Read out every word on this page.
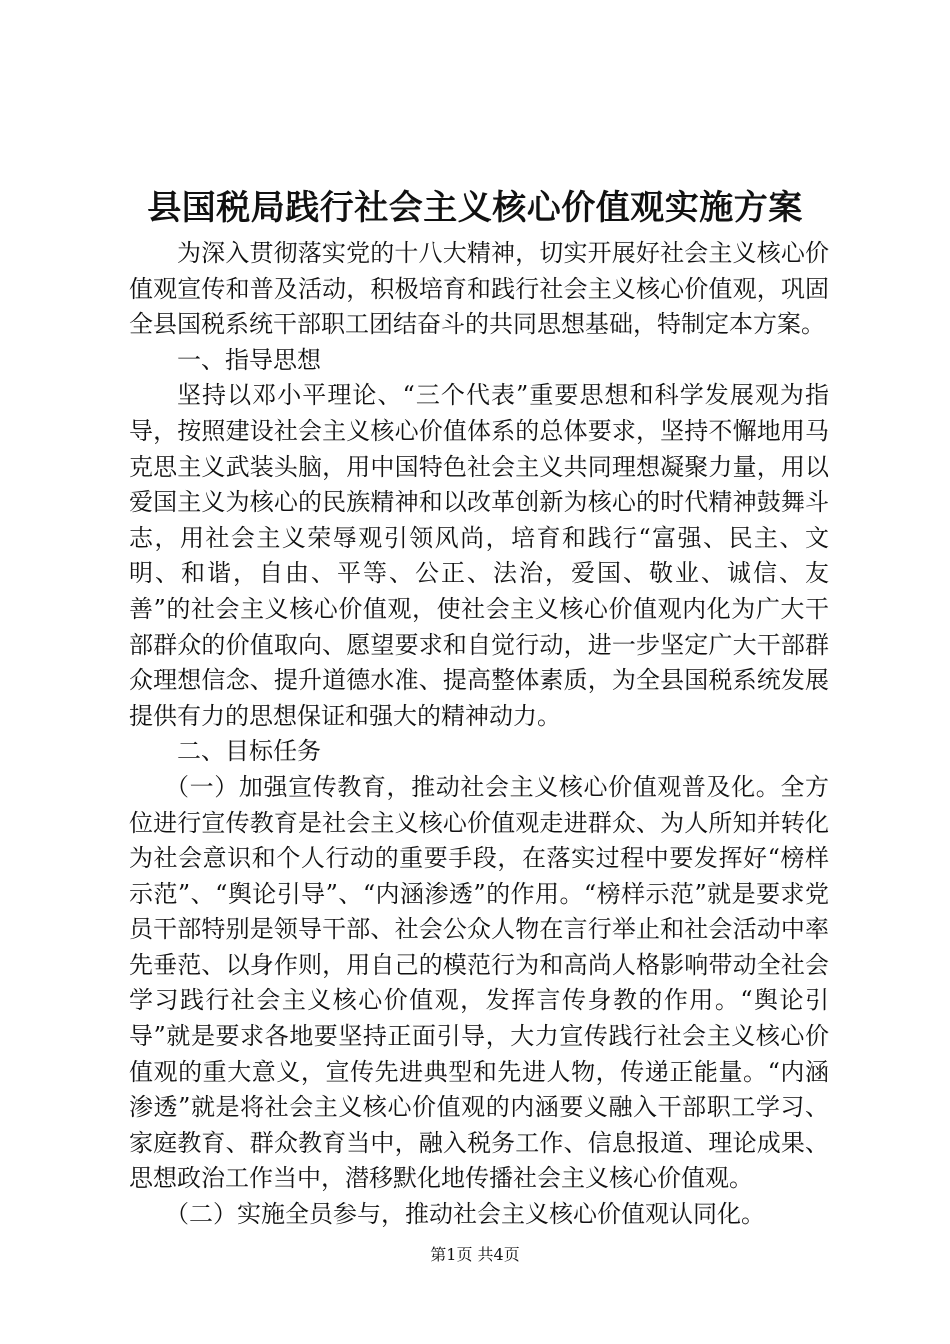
县国税局践行社会主义核心价值观实施方案

为深入贯彻落实党的十八大精神，切实开展好社会主义核心价值观宣传和普及活动，积极培育和践行社会主义核心价值观，巩固全县国税系统干部职工团结奋斗的共同思想基础，特制定本方案。

一、指导思想

坚持以邓小平理论、“三个代表”重要思想和科学发展观为指导，按照建设社会主义核心价值体系的总体要求，坚持不懈地用马克思主义武装头脑，用中国特色社会主义共同理想凝聚力量，用以爱国主义为核心的民族精神和以改革创新为核心的时代精神鼓舞斗志，用社会主义荣辱观引领风尚，培育和践行“富强、民主、文明、和谐，自由、平等、公正、法治，爱国、敬业、诚信、友善”的社会主义核心价值观，使社会主义核心价值观内化为广大干部群众的价值取向、愿望要求和自觉行动，进一步坚定广大干部群众理想信念、提升道德水准、提高整体素质，为全县国税系统发展提供有力的思想保证和强大的精神动力。

二、目标任务

（一）加强宣传教育，推动社会主义核心价值观普及化。全方位进行宣传教育是社会主义核心价值观走进群众、为人所知并转化为社会意识和个人行动的重要手段，在落实过程中要发挥好“榜样示范”、“舆论引导”、“内涵渗透”的作用。“榜样示范”就是要求党员干部特别是领导干部、社会公众人物在言行举止和社会活动中率先垂范、以身作则，用自己的模范行为和高尚人格影响带动全社会学习践行社会主义核心价值观，发挥言传身教的作用。“舆论引导”就是要求各地要坚持正面引导，大力宣传践行社会主义核心价值观的重大意义，宣传先进典型和先进人物，传递正能量。“内涵渗透”就是将社会主义核心价值观的内涵要义融入干部职工学习、家庭教育、群众教育当中，融入税务工作、信息报道、理论成果、思想政治工作当中，潜移默化地传播社会主义核心价值观。

（二）实施全员参与，推动社会主义核心价值观认同化。

第1页 共4页
